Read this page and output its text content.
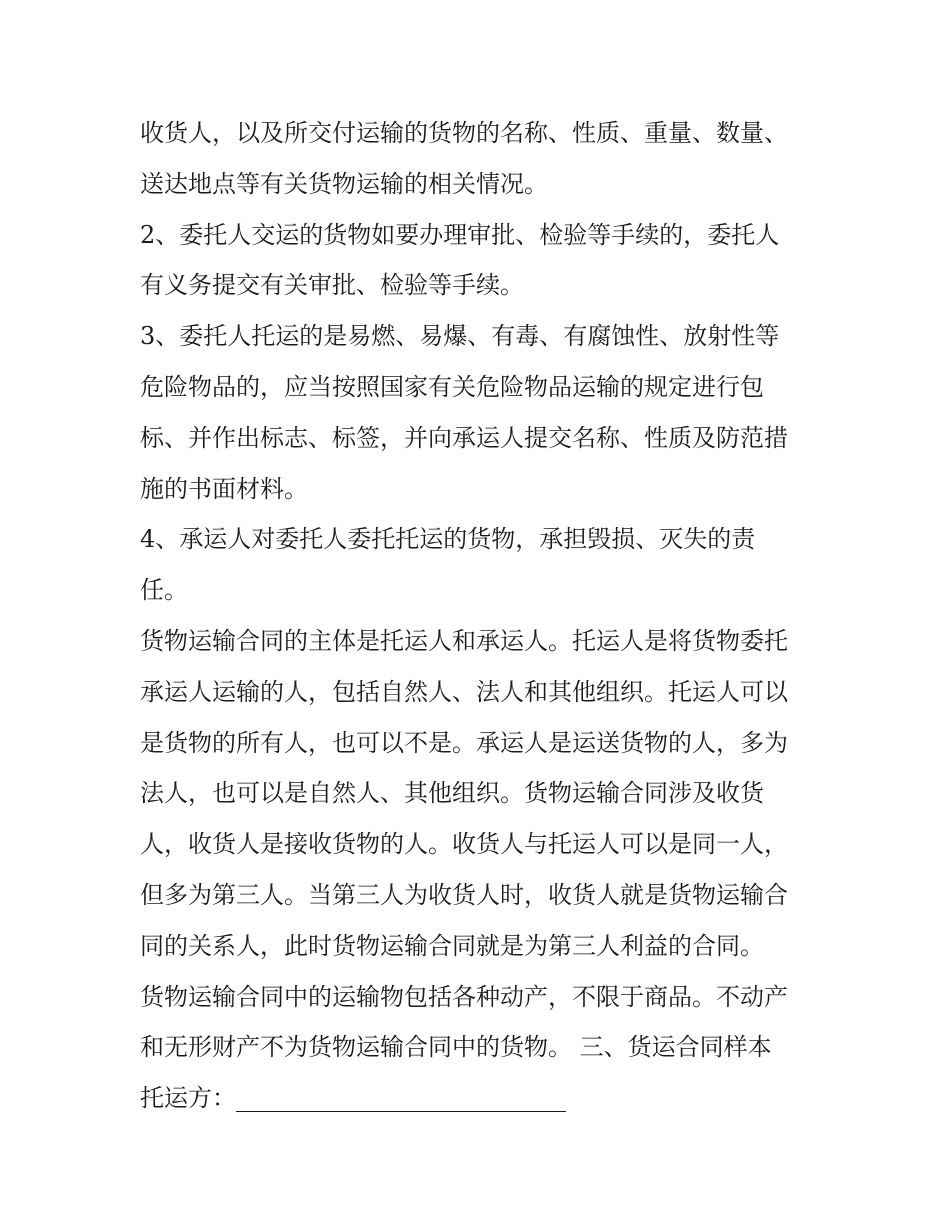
收货人，以及所交付运输的货物的名称、性质、重量、数量、
送达地点等有关货物运输的相关情况。
2、委托人交运的货物如要办理审批、检验等手续的，委托人
有义务提交有关审批、检验等手续。
3、委托人托运的是易燃、易爆、有毒、有腐蚀性、放射性等
危险物品的，应当按照国家有关危险物品运输的规定进行包
标、并作出标志、标签，并向承运人提交名称、性质及防范措
施的书面材料。
4、承运人对委托人委托托运的货物，承担毁损、灭失的责
任。
货物运输合同的主体是托运人和承运人。托运人是将货物委托
承运人运输的人，包括自然人、法人和其他组织。托运人可以
是货物的所有人，也可以不是。承运人是运送货物的人，多为
法人，也可以是自然人、其他组织。货物运输合同涉及收货
人，收货人是接收货物的人。收货人与托运人可以是同一人，
但多为第三人。当第三人为收货人时，收货人就是货物运输合
同的关系人，此时货物运输合同就是为第三人利益的合同。
货物运输合同中的运输物包括各种动产，不限于商品。不动产
和无形财产不为货物运输合同中的货物。 三、货运合同样本
托运方：
